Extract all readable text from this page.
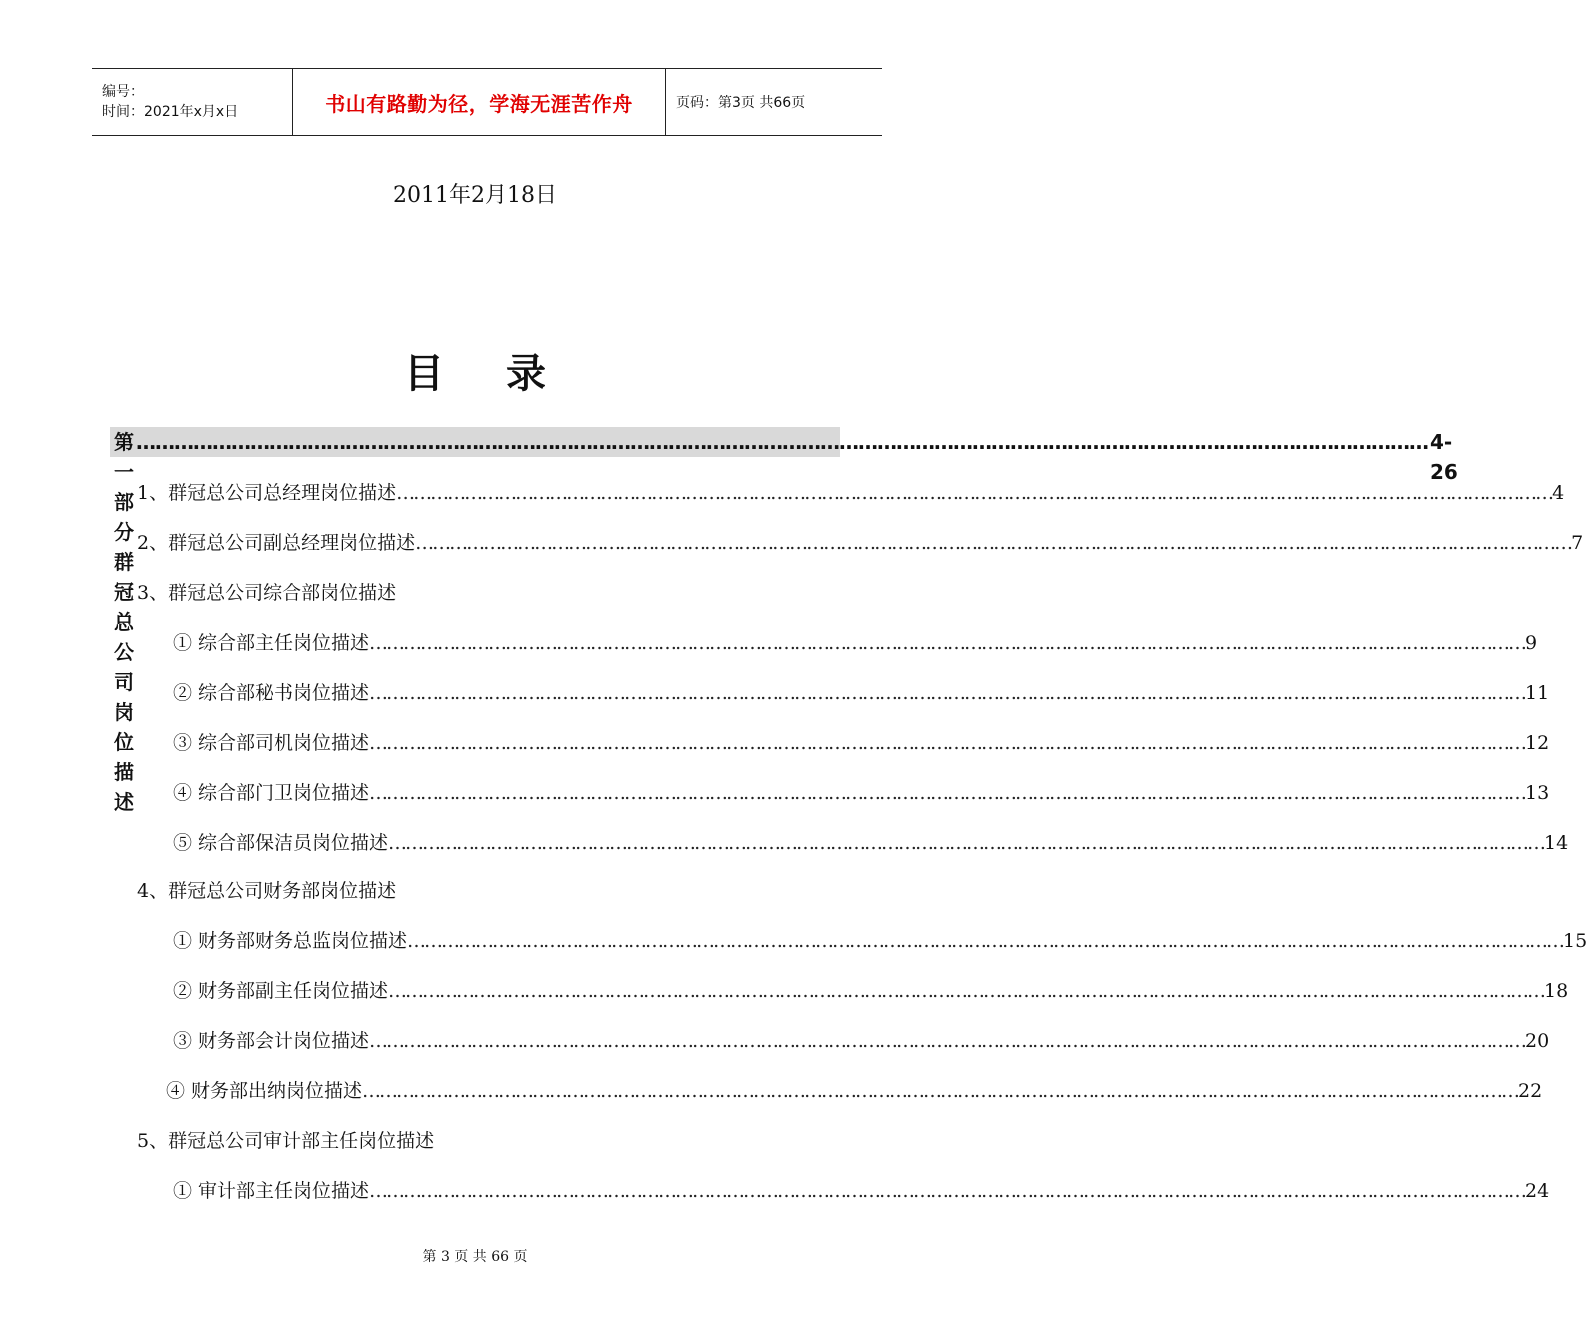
编号：
时间：2021年x月x日	书山有路勤为径，学海无涯苦作舟	页码：第3页 共66页
2011年2月18日
目 录
第一部分 群冠总公司岗位描述
…………………………………………………………………………………………………………………………………………………………………………………… 4-26
1、群冠总公司总经理岗位描述 …………………………………………………………………………………………………………………………………………………………………………………… 4
2、群冠总公司副总经理岗位描述 …………………………………………………………………………………………………………………………………………………………………………………… 7
3、群冠总公司综合部岗位描述
① 综合部主任岗位描述 …………………………………………………………………………………………………………………………………………………………………………………… 9
② 综合部秘书岗位描述 …………………………………………………………………………………………………………………………………………………………………………………… 11
③ 综合部司机岗位描述 …………………………………………………………………………………………………………………………………………………………………………………… 12
④ 综合部门卫岗位描述 …………………………………………………………………………………………………………………………………………………………………………………… 13
⑤ 综合部保洁员岗位描述 …………………………………………………………………………………………………………………………………………………………………………………… 14
4、群冠总公司财务部岗位描述
① 财务部财务总监岗位描述 …………………………………………………………………………………………………………………………………………………………………………………… 15
② 财务部副主任岗位描述 …………………………………………………………………………………………………………………………………………………………………………………… 18
③ 财务部会计岗位描述 …………………………………………………………………………………………………………………………………………………………………………………… 20
④ 财务部出纳岗位描述 …………………………………………………………………………………………………………………………………………………………………………………… 22
5、群冠总公司审计部主任岗位描述
① 审计部主任岗位描述 …………………………………………………………………………………………………………………………………………………………………………………… 24
第 3 页 共 66 页
